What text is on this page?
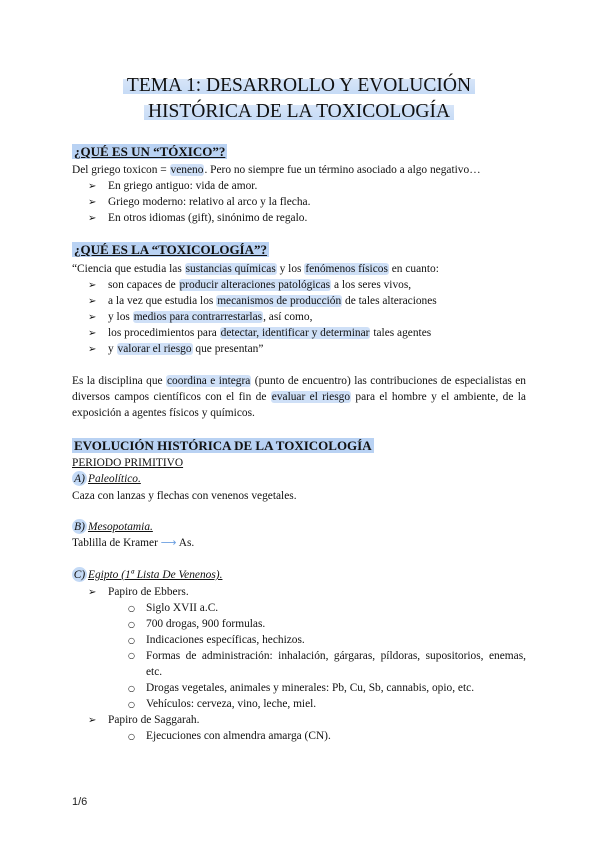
TEMA 1: DESARROLLO Y EVOLUCIÓN
HISTÓRICA DE LA TOXICOLOGÍA
¿QUÉ ES UN “TÓXICO”?
Del griego toxicon = veneno. Pero no siempre fue un término asociado a algo negativo…
➢ En griego antiguo: vida de amor.
➢ Griego moderno: relativo al arco y la flecha.
➢ En otros idiomas (gift), sinónimo de regalo.
¿QUÉ ES LA “TOXICOLOGÍA”?
“Ciencia que estudia las sustancias químicas y los fenómenos físicos en cuanto:
➢ son capaces de producir alteraciones patológicas a los seres vivos,
➢ a la vez que estudia los mecanismos de producción de tales alteraciones
➢ y los medios para contrarrestarlas, así como,
➢ los procedimientos para detectar, identificar y determinar tales agentes
➢ y valorar el riesgo que presentan”
Es la disciplina que coordina e integra (punto de encuentro) las contribuciones de especialistas en diversos campos científicos con el fin de evaluar el riesgo para el hombre y el ambiente, de la exposición a agentes físicos y químicos.
EVOLUCIÓN HISTÓRICA DE LA TOXICOLOGÍA
PERIODO PRIMITIVO
A) Paleolítico.
Caza con lanzas y flechas con venenos vegetales.
B) Mesopotamia.
Tablilla de Kramer ⟶ As.
C) Egipto (1ª Lista De Venenos).
➢ Papiro de Ebbers.
○ Siglo XVII a.C.
○ 700 drogas, 900 formulas.
○ Indicaciones específicas, hechizos.
○ Formas de administración: inhalación, gárgaras, píldoras, supositorios, enemas, etc.
○ Drogas vegetales, animales y minerales: Pb, Cu, Sb, cannabis, opio, etc.
○ Vehículos: cerveza, vino, leche, miel.
➢ Papiro de Saggarah.
○ Ejecuciones con almendra amarga (CN).
1/6
